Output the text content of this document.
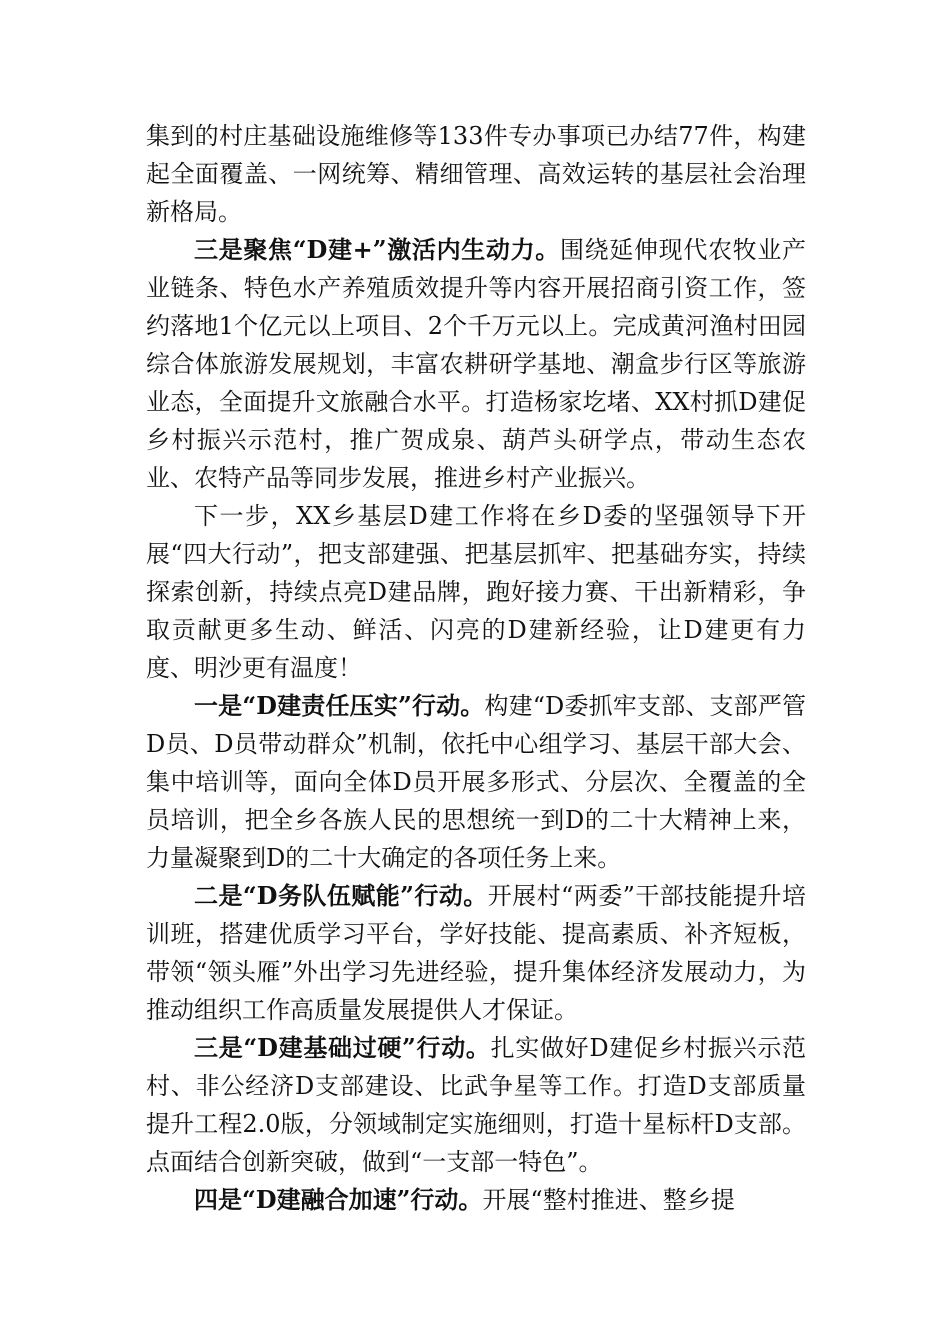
集到的村庄基础设施维修等133件专办事项已办结77件，构建起全面覆盖、一网统筹、精细管理、高效运转的基层社会治理新格局。

三是聚焦“D建+”激活内生动力。围绕延伸现代农牧业产业链条、特色水产养殖质效提升等内容开展招商引资工作，签约落地1个亿元以上项目、2个千万元以上。完成黄河渔村田园综合体旅游发展规划，丰富农耕研学基地、潮盒步行区等旅游业态，全面提升文旅融合水平。打造杨家圪堵、XX村抓D建促乡村振兴示范村，推广贺成泉、葫芦头研学点，带动生态农业、农特产品等同步发展，推进乡村产业振兴。

下一步，XX乡基层D建工作将在乡D委的坚强领导下开展“四大行动”，把支部建强、把基层抓牢、把基础夯实，持续探索创新，持续点亮D建品牌，跑好接力赛、干出新精彩，争取贡献更多生动、鲜活、闪亮的D建新经验，让D建更有力度、明沙更有温度！

一是“D建责任压实”行动。构建“D委抓牢支部、支部严管D员、D员带动群众”机制，依托中心组学习、基层干部大会、集中培训等，面向全体D员开展多形式、分层次、全覆盖的全员培训，把全乡各族人民的思想统一到D的二十大精神上来，力量凝聚到D的二十大确定的各项任务上来。

二是“D务队伍赋能”行动。开展村“两委”干部技能提升培训班，搭建优质学习平台，学好技能、提高素质、补齐短板，带领“领头雁”外出学习先进经验，提升集体经济发展动力，为推动组织工作高质量发展提供人才保证。

三是“D建基础过硬”行动。扎实做好D建促乡村振兴示范村、非公经济D支部建设、比武争星等工作。打造D支部质量提升工程2.0版，分领域制定实施细则，打造十星标杆D支部。点面结合创新突破，做到“一支部一特色”。

四是“D建融合加速”行动。开展“整村推进、整乡提
